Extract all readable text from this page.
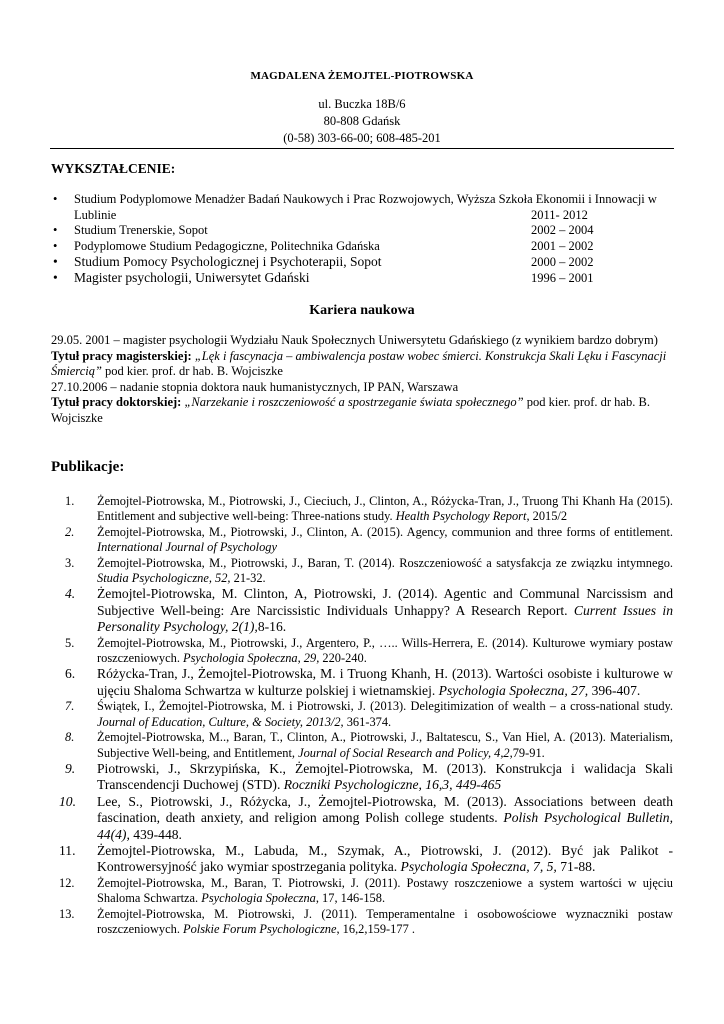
MAGDALENA ŻEMOJTEL-PIOTROWSKA
ul. Buczka 18B/6
80-808 Gdańsk
(0-58) 303-66-00; 608-485-201
WYKSZTAŁCENIE:
• Studium Podyplomowe Menadżer Badań Naukowych i Prac Rozwojowych, Wyższa Szkoła Ekonomii i Innowacji w Lublinie	2011- 2012
• Studium Trenerskie, Sopot	2002 – 2004
• Podyplomowe Studium Pedagogiczne, Politechnika Gdańska	2001 – 2002
• Studium Pomocy Psychologicznej i Psychoterapii, Sopot	2000 – 2002
• Magister psychologii, Uniwersytet Gdański	1996 – 2001
Kariera naukowa

29.05. 2001 – magister psychologii Wydziału Nauk Społecznych Uniwersytetu Gdańskiego (z wynikiem bardzo dobrym)

Tytuł pracy magisterskiej: „Lęk i fascynacja – ambiwalencja postaw wobec śmierci. Konstrukcja Skali Lęku i Fascynacji Śmiercią” pod kier. prof. dr hab. B. Wojciszke

27.10.2006 – nadanie stopnia doktora nauk humanistycznych, IP PAN, Warszawa

Tytuł pracy doktorskiej: „Narzekanie i roszczeniowość a spostrzeganie świata społecznego” pod kier. prof. dr hab. B. Wojciszke

Publikacje:
1. Żemojtel-Piotrowska, M., Piotrowski, J., Cieciuch, J., Clinton, A., Różycka-Tran, J., Truong Thi Khanh Ha (2015). Entitlement and subjective well-being: Three-nations study. Health Psychology Report, 2015/2
2. Żemojtel-Piotrowska, M., Piotrowski, J., Clinton, A. (2015). Agency, communion and three forms of entitlement. International Journal of Psychology
3. Żemojtel-Piotrowska, M., Piotrowski, J., Baran, T. (2014). Roszczeniowość a satysfakcja ze związku intymnego. Studia Psychologiczne, 52, 21-32.
4. Żemojtel-Piotrowska, M. Clinton, A, Piotrowski, J. (2014). Agentic and Communal Narcissism and Subjective Well-being: Are Narcissistic Individuals Unhappy? A Research Report. Current Issues in Personality Psychology, 2(1),8-16.
5. Żemojtel-Piotrowska, M., Piotrowski, J., Argentero, P., ….. Wills-Herrera, E. (2014). Kulturowe wymiary postaw roszczeniowych. Psychologia Społeczna, 29, 220-240.
6. Różycka-Tran, J., Żemojtel-Piotrowska, M. i Truong Khanh, H. (2013). Wartości osobiste i kulturowe w ujęciu Shaloma Schwartza w kulturze polskiej i wietnamskiej. Psychologia Społeczna, 27, 396-407.
7. Świątek, I., Żemojtel-Piotrowska, M. i Piotrowski, J. (2013). Delegitimization of wealth – a cross-national study. Journal of Education, Culture, & Society, 2013/2, 361-374.
8. Żemojtel-Piotrowska, M.., Baran, T., Clinton, A., Piotrowski, J., Baltatescu, S., Van Hiel, A. (2013). Materialism, Subjective Well-being, and Entitlement, Journal of Social Research and Policy, 4,2,79-91.
9. Piotrowski, J., Skrzypińska, K., Żemojtel-Piotrowska, M. (2013). Konstrukcja i walidacja Skali Transcendencji Duchowej (STD). Roczniki Psychologiczne, 16,3, 449-465
10. Lee, S., Piotrowski, J., Różycka, J., Żemojtel-Piotrowska, M. (2013). Associations between death fascination, death anxiety, and religion among Polish college students. Polish Psychological Bulletin, 44(4), 439-448.
11. Żemojtel-Piotrowska, M., Labuda, M., Szymak, A., Piotrowski, J. (2012). Być jak Palikot - Kontrowersyjność jako wymiar spostrzegania polityka. Psychologia Społeczna, 7, 5, 71-88.
12. Żemojtel-Piotrowska, M., Baran, T. Piotrowski, J. (2011). Postawy roszczeniowe a system wartości w ujęciu Shaloma Schwartza. Psychologia Społeczna, 17, 146-158.
13. Żemojtel-Piotrowska, M. Piotrowski, J. (2011). Temperamentalne i osobowościowe wyznaczniki postaw roszczeniowych. Polskie Forum Psychologiczne, 16,2,159-177 .
